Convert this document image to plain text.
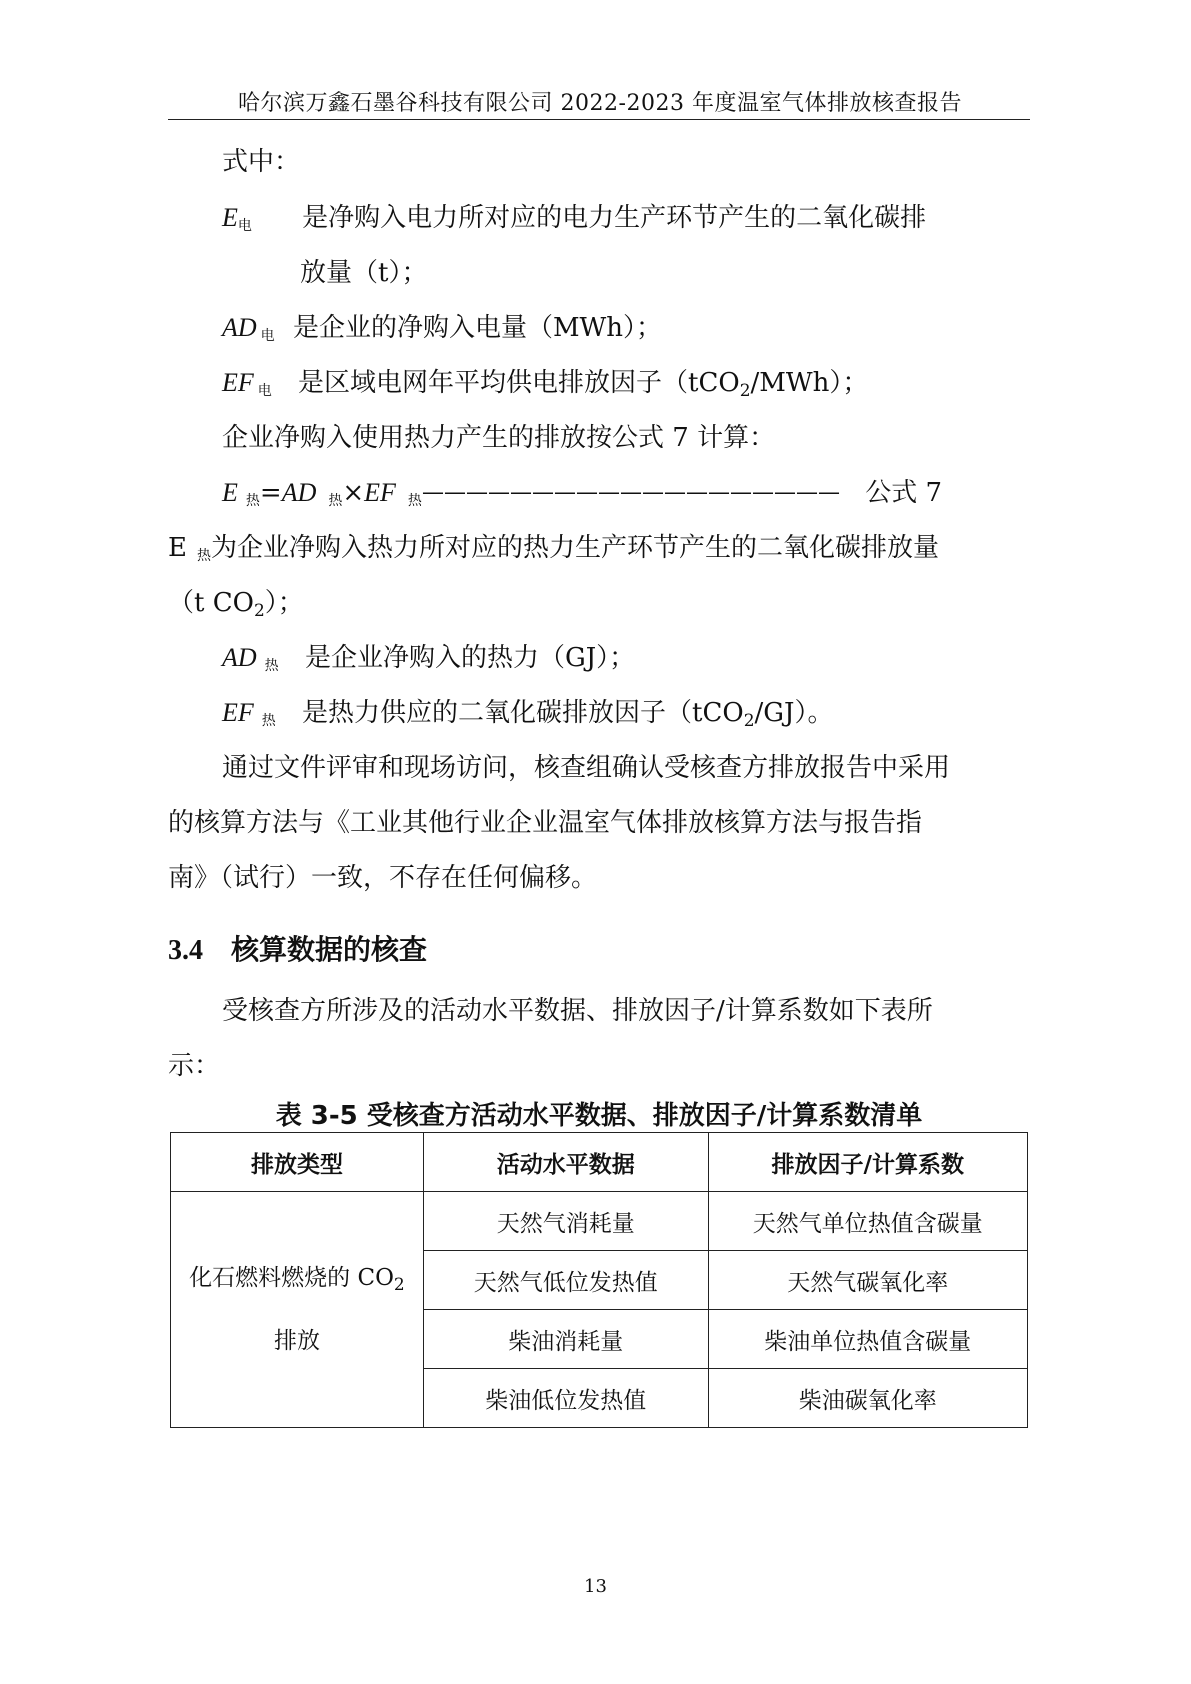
哈尔滨万鑫石墨谷科技有限公司 2022-2023 年度温室气体排放核查报告
式中：
$E_电$ 是净购入电力所对应的电力生产环节产生的二氧化碳排
放量（t）；
AD $_电$ 是企业的净购入电量（MWh）；
EF $_电$ 是区域电网年平均供电排放因子（tCO2/MWh）；
企业净购入使用热力产生的排放按公式 7 计算：
E $_热$=AD $_热$×EF $_热$ ——————————————————— 公式 7
E $_热$为企业净购入热力所对应的热力生产环节产生的二氧化碳排放量
（t CO2）；
AD $_热$ 是企业净购入的热力（GJ）；
EF $_热$ 是热力供应的二氧化碳排放因子（tCO2/GJ）。
通过文件评审和现场访问，核查组确认受核查方排放报告中采用
的核算方法与《工业其他行业企业温室气体排放核算方法与报告指
南》（试行）一致，不存在任何偏移。
3.4 核算数据的核查
受核查方所涉及的活动水平数据、排放因子/计算系数如下表所
示：
表 3-5 受核查方活动水平数据、排放因子/计算系数清单
排放类型	活动水平数据	排放因子/计算系数
化石燃料燃烧的 $CO_2$
排放	天然气消耗量	天然气单位热值含碳量
	天然气低位发热值	天然气碳氧化率
	柴油消耗量	柴油单位热值含碳量
	柴油低位发热值	柴油碳氧化率
13
